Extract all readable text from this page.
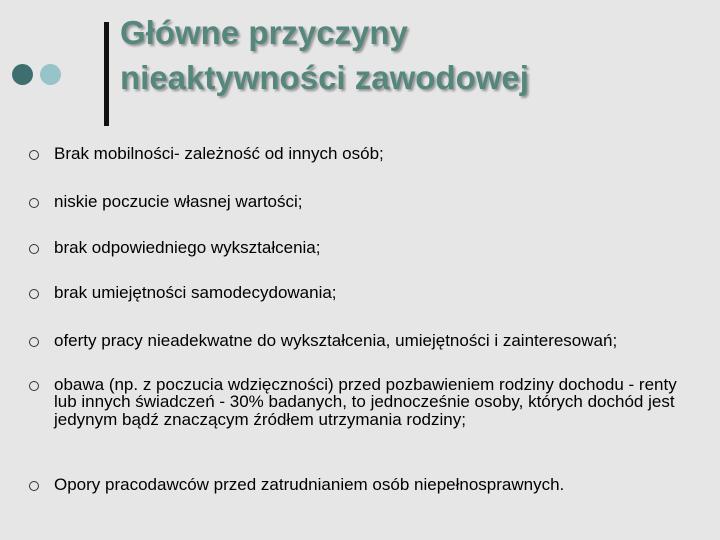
Główne przyczyny
nieaktywności zawodowej
Brak mobilności- zależność od innych osób;
niskie poczucie własnej wartości;
brak odpowiedniego wykształcenia;
brak umiejętności samodecydowania;
oferty pracy nieadekwatne do wykształcenia, umiejętności i zainteresowań;
obawa (np. z poczucia wdzięczności) przed pozbawieniem rodziny dochodu - renty lub innych świadczeń - 30% badanych, to jednocześnie osoby, których dochód jest jedynym bądź znaczącym źródłem utrzymania rodziny;
Opory pracodawców przed zatrudnianiem osób niepełnosprawnych.
